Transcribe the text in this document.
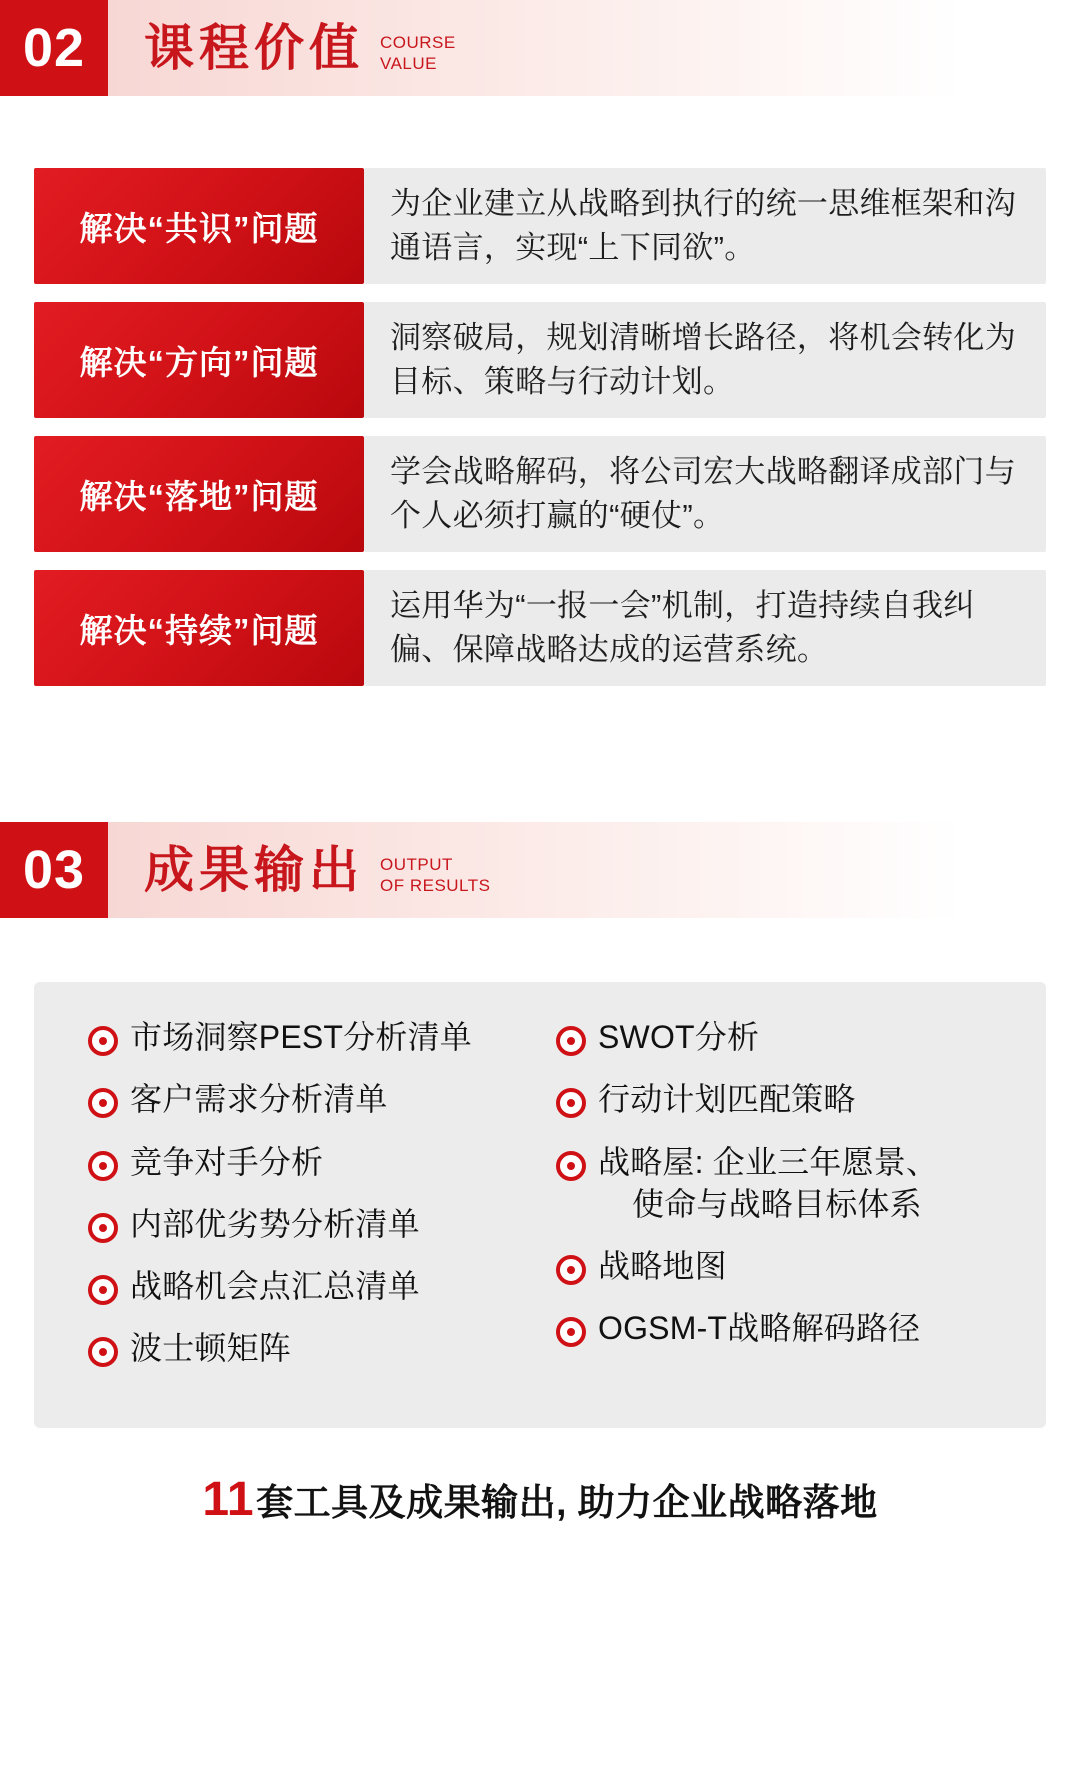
02	课程价值 COURSE
VALUE
解决“共识”问题
为企业建立从战略到执行的统一思维框架和沟通语言，实现“上下同欲”。
解决“方向”问题
洞察破局，规划清晰增长路径，将机会转化为目标、策略与行动计划。
解决“落地”问题
学会战略解码，将公司宏大战略翻译成部门与个人必须打赢的“硬仗”。
解决“持续”问题
运用华为“一报一会”机制，打造持续自我纠偏、保障战略达成的运营系统。
03	成果输出 OUTPUT
OF RESULTS
市场洞察PEST分析清单
客户需求分析清单
竞争对手分析
内部优劣势分析清单
战略机会点汇总清单
波士顿矩阵
SWOT分析
行动计划匹配策略
战略屋: 企业三年愿景、
使命与战略目标体系
战略地图
OGSM-T战略解码路径
11套工具及成果输出, 助力企业战略落地
